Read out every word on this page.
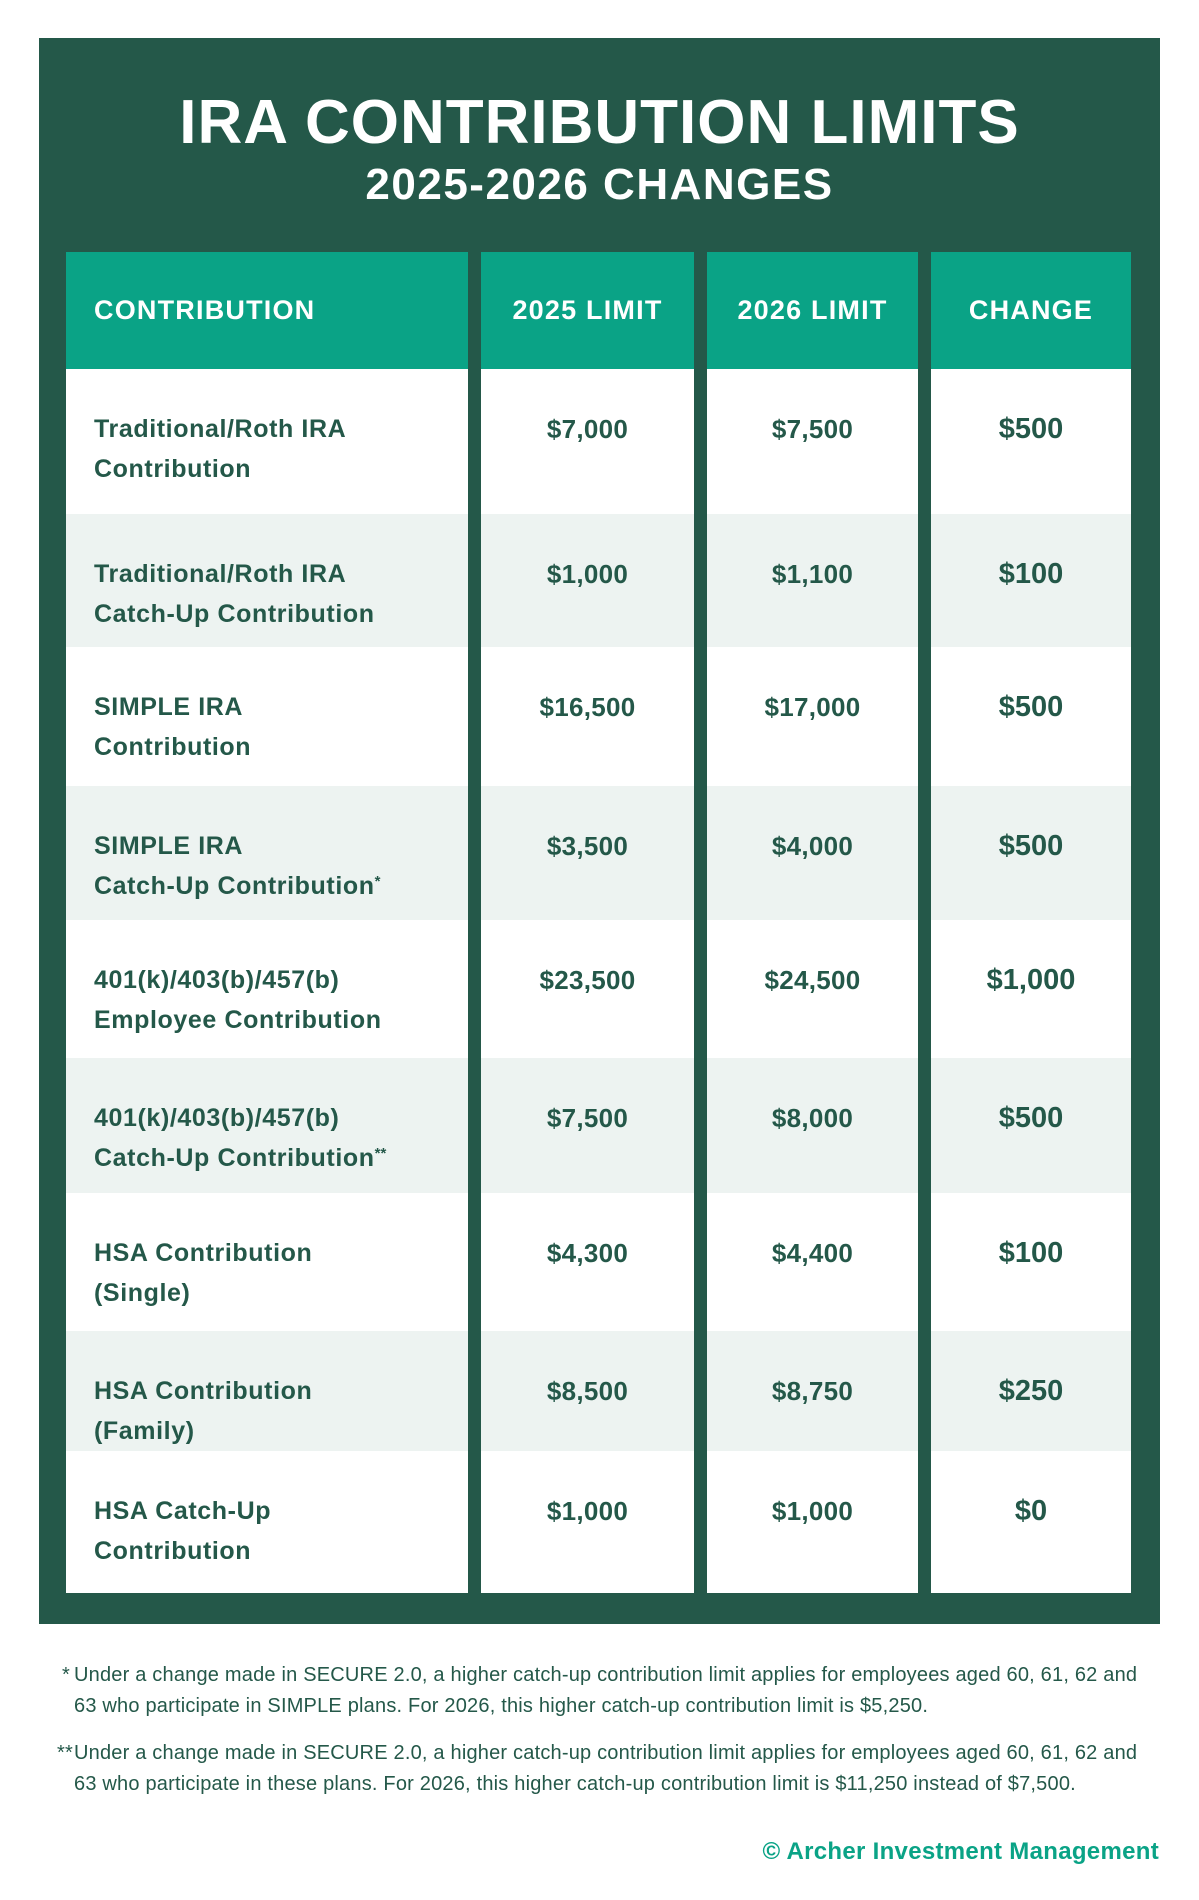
IRA CONTRIBUTION LIMITS
2025-2026 CHANGES
CONTRIBUTION
Traditional/Roth IRA
Contribution
Traditional/Roth IRA
Catch-Up Contribution
SIMPLE IRA
Contribution
SIMPLE IRA
Catch-Up Contribution*
401(k)/403(b)/457(b)
Employee Contribution
401(k)/403(b)/457(b)
Catch-Up Contribution**
HSA Contribution
(Single)
HSA Contribution
(Family)
HSA Catch-Up
Contribution
2025 LIMIT
$7,000
$1,000
$16,500
$3,500
$23,500
$7,500
$4,300
$8,500
$1,000
2026 LIMIT
$7,500
$1,100
$17,000
$4,000
$24,500
$8,000
$4,400
$8,750
$1,000
CHANGE
$500
$100
$500
$500
$1,000
$500
$100
$250
$0
* Under a change made in SECURE 2.0, a higher catch-up contribution limit applies for employees aged 60, 61, 62 and 63 who participate in SIMPLE plans. For 2026, this higher catch-up contribution limit is $5,250.
** Under a change made in SECURE 2.0, a higher catch-up contribution limit applies for employees aged 60, 61, 62 and 63 who participate in these plans. For 2026, this higher catch-up contribution limit is $11,250 instead of $7,500.
© Archer Investment Management
